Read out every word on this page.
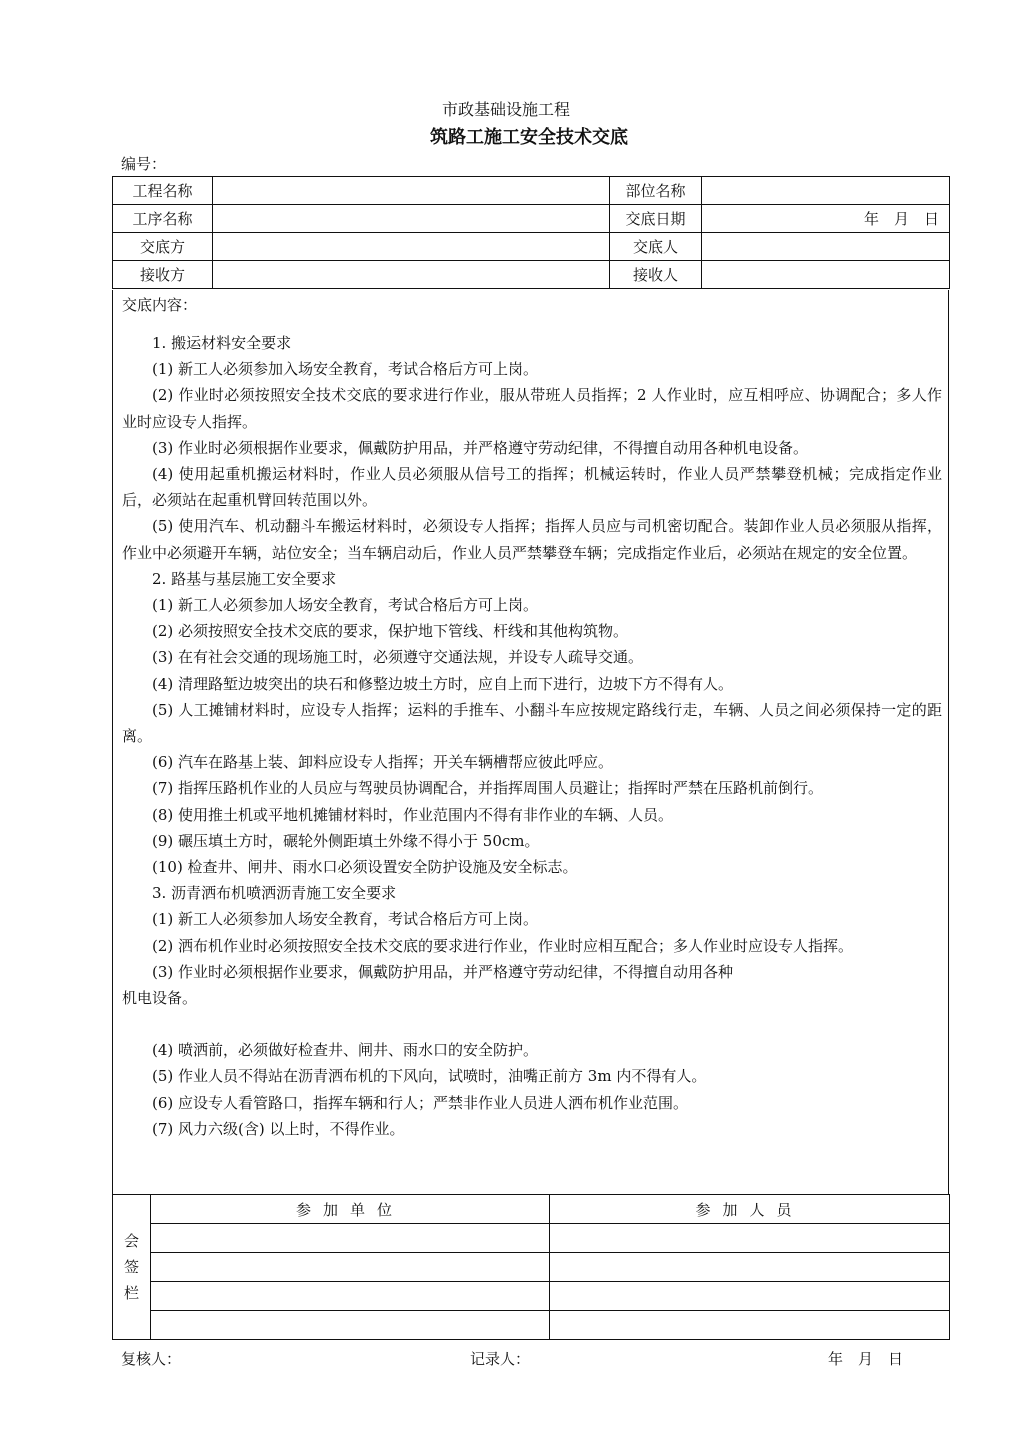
市政基础设施工程
筑路工施工安全技术交底
编号：
工程名称		部位名称	
工序名称		交底日期	年　月　日
交底方		交底人	
接收方		接收人	
交底内容：

1. 搬运材料安全要求

(1) 新工人必须参加入场安全教育，考试合格后方可上岗。

(2) 作业时必须按照安全技术交底的要求进行作业，服从带班人员指挥；2 人作业时，应互相呼应、协调配合；多人作业时应设专人指挥。

(3) 作业时必须根据作业要求，佩戴防护用品，并严格遵守劳动纪律，不得擅自动用各种机电设备。

(4) 使用起重机搬运材料时，作业人员必须服从信号工的指挥；机械运转时，作业人员严禁攀登机械；完成指定作业后，必须站在起重机臂回转范围以外。

(5) 使用汽车、机动翻斗车搬运材料时，必须设专人指挥；指挥人员应与司机密切配合。装卸作业人员必须服从指挥，作业中必须避开车辆，站位安全；当车辆启动后，作业人员严禁攀登车辆；完成指定作业后，必须站在规定的安全位置。

2. 路基与基层施工安全要求

(1) 新工人必须参加人场安全教育，考试合格后方可上岗。

(2) 必须按照安全技术交底的要求，保护地下管线、杆线和其他构筑物。

(3) 在有社会交通的现场施工时，必须遵守交通法规，并设专人疏导交通。

(4) 清理路堑边坡突出的块石和修整边坡土方时，应自上而下进行，边坡下方不得有人。

(5) 人工摊铺材料时，应设专人指挥；运料的手推车、小翻斗车应按规定路线行走，车辆、人员之间必须保持一定的距离。

(6) 汽车在路基上装、卸料应设专人指挥；开关车辆槽帮应彼此呼应。

(7) 指挥压路机作业的人员应与驾驶员协调配合，并指挥周围人员避让；指挥时严禁在压路机前倒行。

(8) 使用推土机或平地机摊铺材料时，作业范围内不得有非作业的车辆、人员。

(9) 碾压填土方时，碾轮外侧距填土外缘不得小于 50cm。

(10) 检查井、闸井、雨水口必须设置安全防护设施及安全标志。

3. 沥青洒布机喷洒沥青施工安全要求

(1) 新工人必须参加人场安全教育，考试合格后方可上岗。

(2) 洒布机作业时必须按照安全技术交底的要求进行作业，作业时应相互配合；多人作业时应设专人指挥。

(3) 作业时必须根据作业要求，佩戴防护用品，并严格遵守劳动纪律，不得擅自动用各种

机电设备。

(4) 喷洒前，必须做好检查井、闸井、雨水口的安全防护。

(5) 作业人员不得站在沥青洒布机的下风向，试喷时，油嘴正前方 3m 内不得有人。

(6) 应设专人看管路口，指挥车辆和行人；严禁非作业人员进人洒布机作业范围。

(7) 风力六级(含) 以上时，不得作业。

会
签
栏	参加单位	参加人员

复核人：	记录人：	年　月　日
